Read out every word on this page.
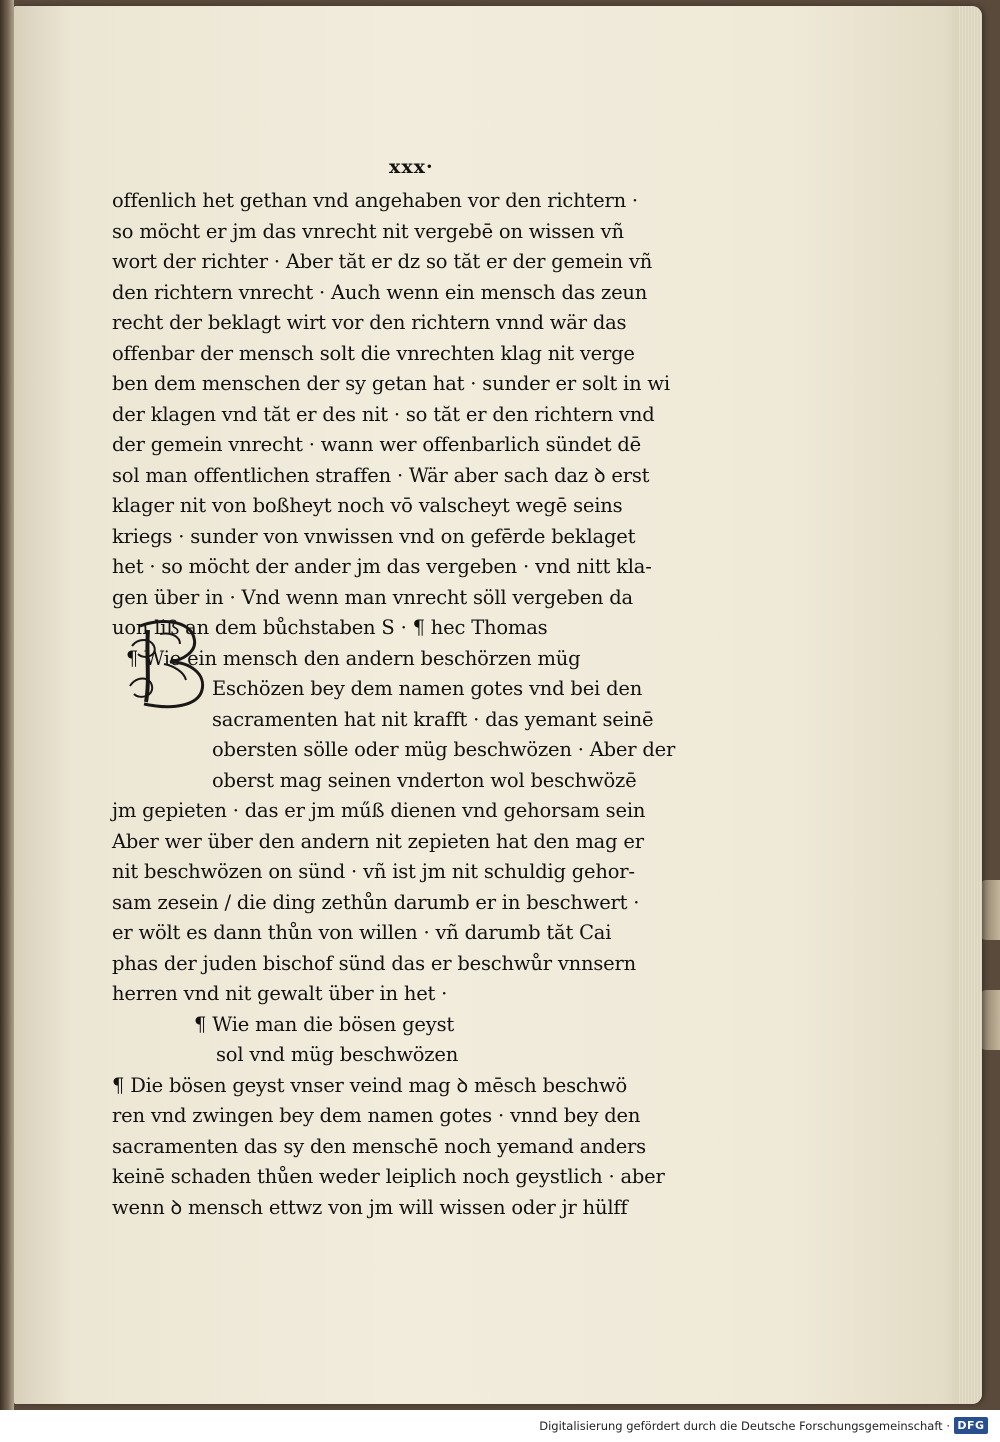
xxx·
offenlich het gethan vnd angehaben vor den richtern ·
so möcht er jm das vnrecht nit vergebē on wissen vñ
wort der richter · Aber tăt er dz so tăt er der gemein vñ
den richtern vnrecht · Auch wenn ein mensch das zeun
recht der beklagt wirt vor den richtern vnnd wär das
offenbar der mensch solt die vnrechten klag nit verge
ben dem menschen der sy getan hat · sunder er solt in wi
der klagen vnd tăt er des nit · so tăt er den richtern vnd
der gemein vnrecht · wann wer offenbarlich sündet dē
sol man offentlichen straffen · Wär aber sach daz ꝺ erst
klager nit von boßheyt noch vō valscheyt wegē seins
kriegs · sunder von vnwissen vnd on gefērde beklaget
het · so möcht der ander jm das vergeben · vnd nitt kla-
gen über in · Vnd wenn man vnrecht söll vergeben da
uon liß an dem bůchstaben S · ¶ hec Thomas
¶ Wie ein mensch den andern beschörzen müg
Eschözen bey dem namen gotes vnd bei den
sacramenten hat nit krafft · das yemant seinē
obersten sölle oder müg beschwözen · Aber der
oberst mag seinen vnderton wol beschwözē
jm gepieten · das er jm műß dienen vnd gehorsam sein
Aber wer über den andern nit zepieten hat den mag er
nit beschwözen on sünd · vñ ist jm nit schuldig gehor-
sam zesein / die ding zethůn darumb er in beschwert ·
er wölt es dann thůn von willen · vñ darumb tăt Cai
phas der juden bischof sünd das er beschwůr vnnsern
herren vnd nit gewalt über in het ·
¶ Wie man die bösen geyst
sol vnd müg beschwözen
¶ Die bösen geyst vnser veind mag ꝺ mēsch beschwö
ren vnd zwingen bey dem namen gotes · vnnd bey den
sacramenten das sy den menschē noch yemand anders
keinē schaden thůen weder leiplich noch geystlich · aber
wenn ꝺ mensch ettwz von jm will wissen oder jr hülff
Digitalisierung gefördert durch die Deutsche Forschungsgemeinschaft · DFG
